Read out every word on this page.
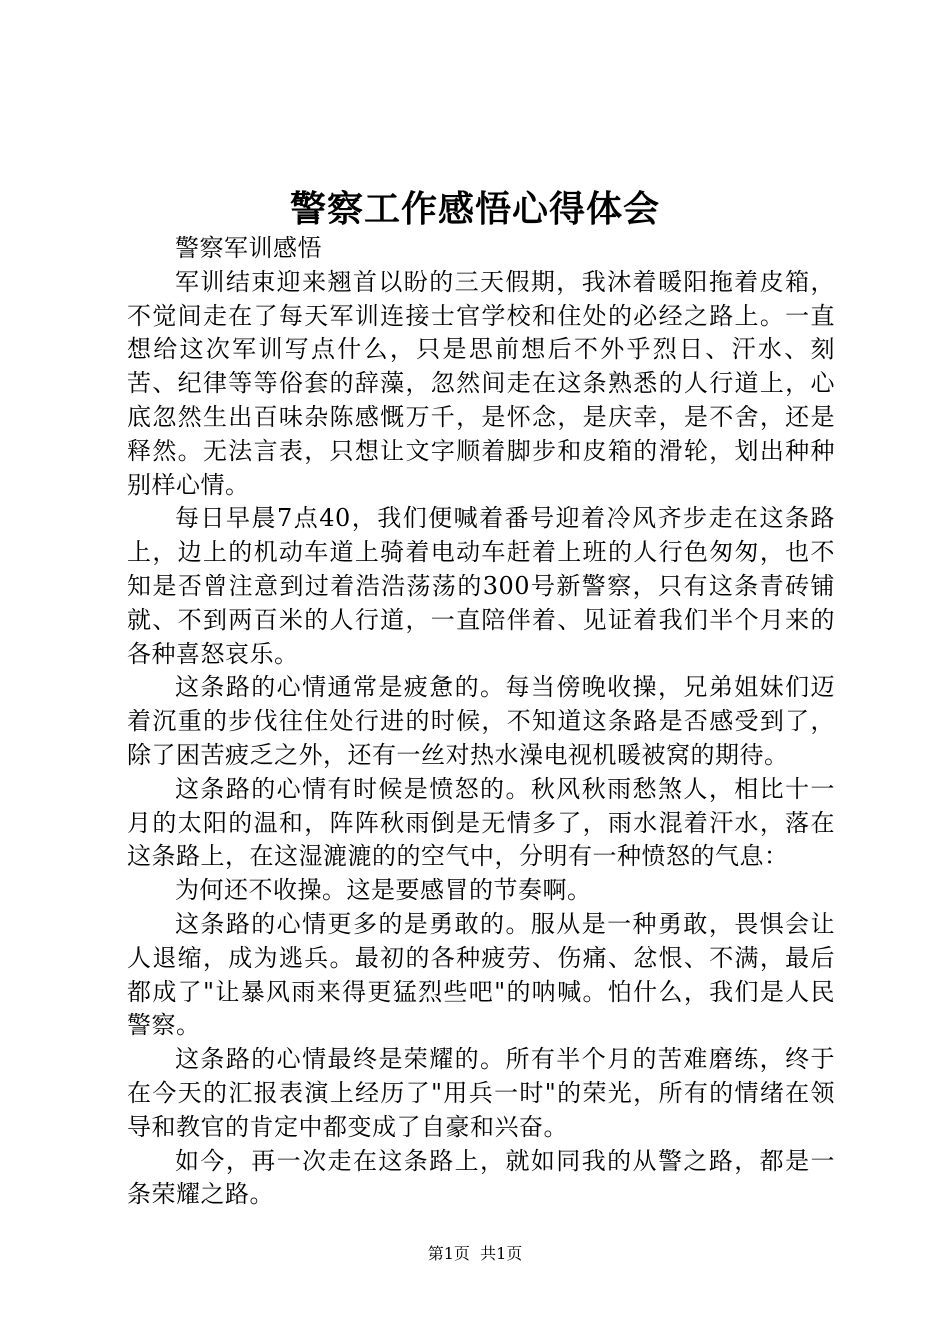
警察工作感悟心得体会

警察军训感悟

军训结束迎来翘首以盼的三天假期，我沐着暖阳拖着皮箱，不觉间走在了每天军训连接士官学校和住处的必经之路上。一直想给这次军训写点什么，只是思前想后不外乎烈日、汗水、刻苦、纪律等等俗套的辞藻，忽然间走在这条熟悉的人行道上，心底忽然生出百味杂陈感慨万千，是怀念，是庆幸，是不舍，还是释然。无法言表，只想让文字顺着脚步和皮箱的滑轮，划出种种别样心情。

每日早晨7点40，我们便喊着番号迎着冷风齐步走在这条路上，边上的机动车道上骑着电动车赶着上班的人行色匆匆，也不知是否曾注意到过着浩浩荡荡的300号新警察，只有这条青砖铺就、不到两百米的人行道，一直陪伴着、见证着我们半个月来的各种喜怒哀乐。

这条路的心情通常是疲惫的。每当傍晚收操，兄弟姐妹们迈着沉重的步伐往住处行进的时候，不知道这条路是否感受到了，除了困苦疲乏之外，还有一丝对热水澡电视机暖被窝的期待。

这条路的心情有时候是愤怒的。秋风秋雨愁煞人，相比十一月的太阳的温和，阵阵秋雨倒是无情多了，雨水混着汗水，落在这条路上，在这湿漉漉的的空气中，分明有一种愤怒的气息：

为何还不收操。这是要感冒的节奏啊。

这条路的心情更多的是勇敢的。服从是一种勇敢，畏惧会让人退缩，成为逃兵。最初的各种疲劳、伤痛、忿恨、不满，最后都成了"让暴风雨来得更猛烈些吧"的呐喊。怕什么，我们是人民警察。

这条路的心情最终是荣耀的。所有半个月的苦难磨练，终于在今天的汇报表演上经历了"用兵一时"的荣光，所有的情绪在领导和教官的肯定中都变成了自豪和兴奋。

如今，再一次走在这条路上，就如同我的从警之路，都是一条荣耀之路。

第1页  共1页
